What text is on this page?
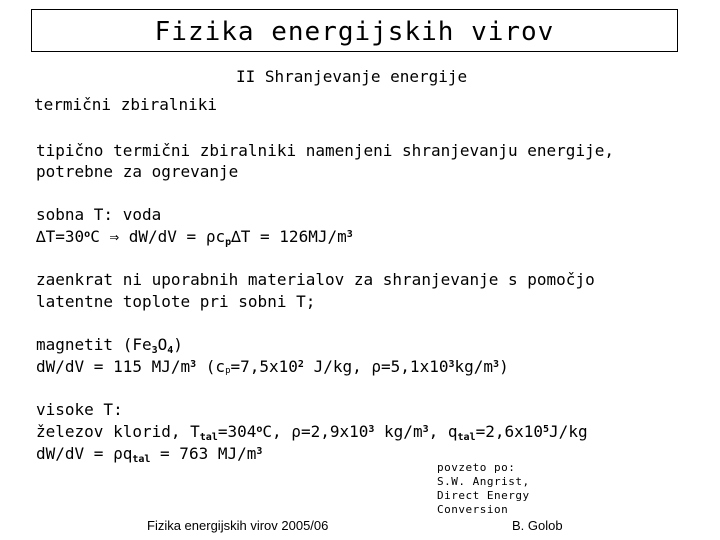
Fizika energijskih virov
II Shranjevanje energije
termični zbiralniki
tipično termični zbiralniki namenjeni shranjevanju energije,
potrebne za ogrevanje
sobna T: voda
$\Delta T=30^oC$ ⇒ $dW/dV = \rho c_p\Delta T = 126MJ/m^3$
zaenkrat ni uporabnih materialov za shranjevanje s pomočjo
latentne toplote pri sobni T;
magnetit $(Fe_3O_4)$
dW/dV = 115 $MJ/m^3$ ($c_p=7,5x10^2$ J/kg, $\rho=5,1x10^3kg/m^3$)
visoke T:
železov klorid, $T_{tal}=304^oC$, $\rho=2,9x10^3$ $kg/m^3$, $q_{tal}=2,6x10^5J/kg$
$dW/dV = \rho q_{tal} = 763$ $MJ/m^3$
povzeto po:
S.W. Angrist,
Direct Energy
Conversion
Fizika energijskih virov 2005/06	B. Golob
